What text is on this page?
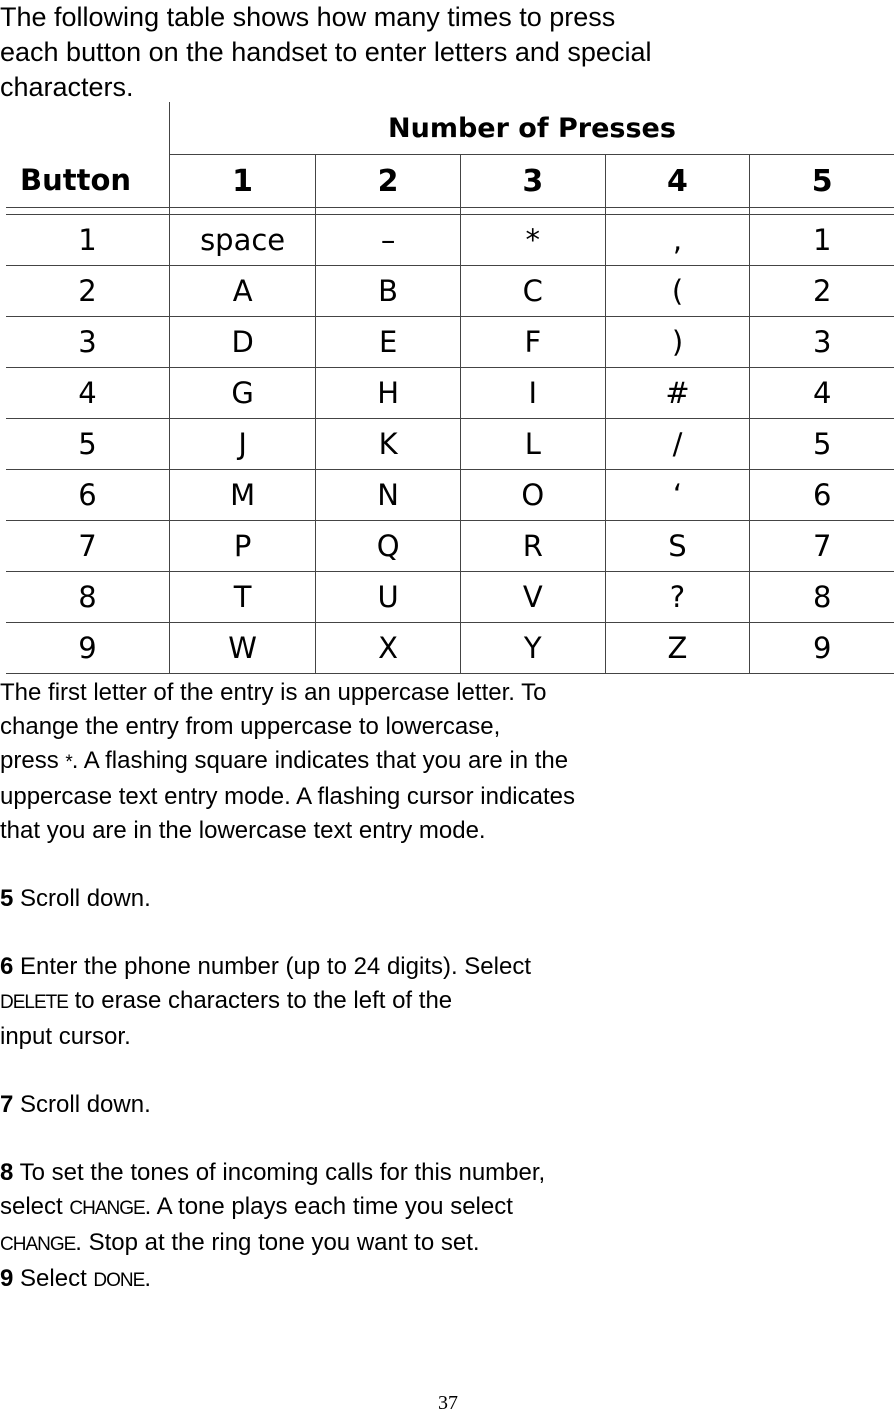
The following table shows how many times to press
each button on the handset to enter letters and special
characters.
Button	Number of Presses				
	1	2	3	4	5

1	space	–	*	,	1
2	A	B	C	(	2
3	D	E	F	)	3
4	G	H	I	#	4
5	J	K	L	/	5
6	M	N	O	‘	6
7	P	Q	R	S	7
8	T	U	V	?	8
9	W	X	Y	Z	9

The first letter of the entry is an uppercase letter. To

change the entry from uppercase to lowercase,

press *. A flashing square indicates that you are in the

uppercase text entry mode. A flashing cursor indicates

that you are in the lowercase text entry mode.

5 Scroll down.

6 Enter the phone number (up to 24 digits). Select

DELETE to erase characters to the left of the

input cursor.

7 Scroll down.

8 To set the tones of incoming calls for this number,

select CHANGE. A tone plays each time you select

CHANGE. Stop at the ring tone you want to set.

9 Select DONE.

37
